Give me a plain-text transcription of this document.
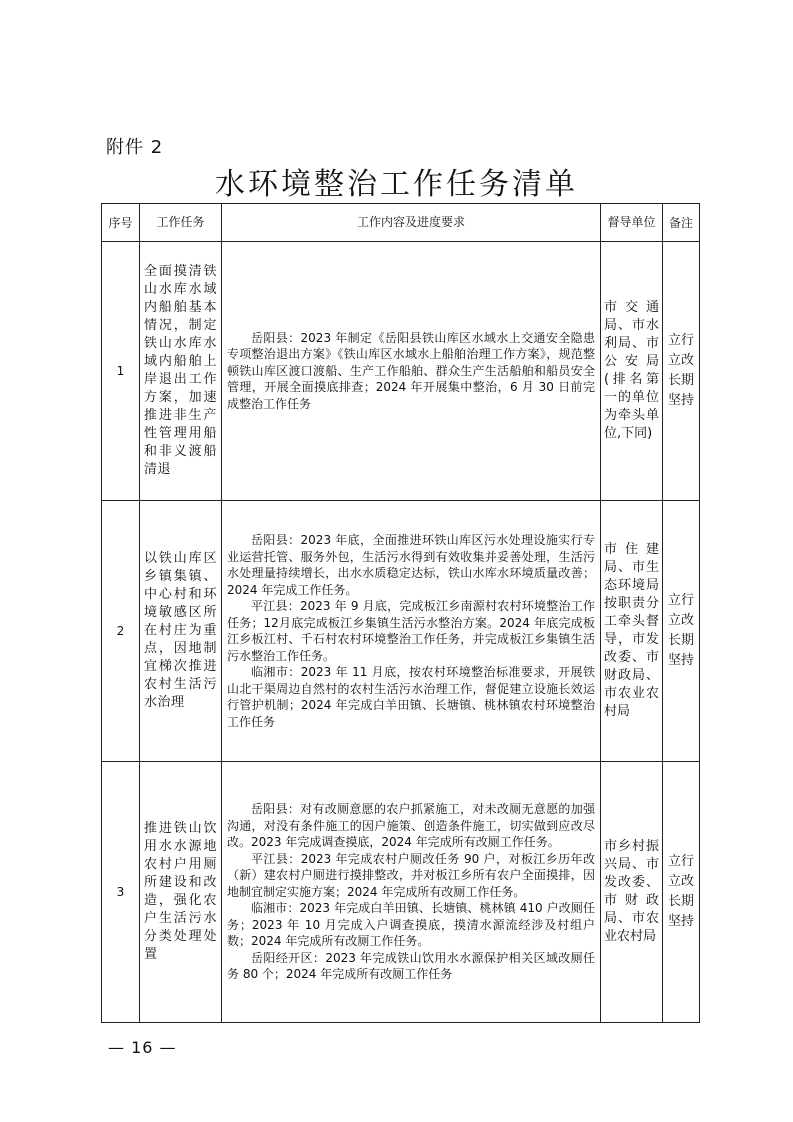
附件 2
水环境整治工作任务清单
序号	工作任务	工作内容及进度要求	督导单位	备注
1	全面摸清铁山水库水域内船舶基本情况，制定铁山水库水域内船舶上岸退出工作方案，加速推进非生产性管理用船和非义渡船清退	岳阳县：2023 年制定《岳阳县铁山库区水域水上交通安全隐患专项整治退出方案》《铁山库区水域水上船舶治理工作方案》，规范整顿铁山库区渡口渡船、生产工作船舶、群众生产生活船舶和船员安全管理，开展全面摸底排查；2024 年开展集中整治，6 月 30 日前完成整治工作任务	市交通局、市水利局、市公安局(排名第一的单位为牵头单位,下同)	立行立改长期坚持
2	以铁山库区乡镇集镇、中心村和环境敏感区所在村庄为重点，因地制宜梯次推进农村生活污水治理	岳阳县：2023 年底，全面推进环铁山库区污水处理设施实行专业运营托管、服务外包，生活污水得到有效收集并妥善处理，生活污水处理量持续增长，出水水质稳定达标，铁山水库水环境质量改善；2024 年完成工作任务。

平江县：2023 年 9 月底，完成板江乡南源村农村环境整治工作任务；12月底完成板江乡集镇生活污水整治方案。2024 年底完成板江乡板江村、千石村农村环境整治工作任务，并完成板江乡集镇生活污水整治工作任务。

临湘市：2023 年 11 月底，按农村环境整治标准要求，开展铁山北干渠周边自然村的农村生活污水治理工作，督促建立设施长效运行管护机制；2024 年完成白羊田镇、长塘镇、桃林镇农村环境整治工作任务	市住建局、市生态环境局按职责分工牵头督导，市发改委、市财政局、市农业农村局	立行立改长期坚持
3	推进铁山饮用水水源地农村户用厕所建设和改造，强化农户生活污水分类处理处置	岳阳县：对有改厕意愿的农户抓紧施工，对未改厕无意愿的加强沟通，对没有条件施工的因户施策、创造条件施工，切实做到应改尽改。2023 年完成调查摸底，2024 年完成所有改厕工作任务。

平江县：2023 年完成农村户厕改任务 90 户，对板江乡历年改（新）建农村户厕进行摸排整改，并对板江乡所有农户全面摸排，因地制宜制定实施方案；2024 年完成所有改厕工作任务。

临湘市：2023 年完成白羊田镇、长塘镇、桃林镇 410 户改厕任务；2023 年 10 月完成入户调查摸底，摸清水源流经涉及村组户数；2024 年完成所有改厕工作任务。

岳阳经开区：2023 年完成铁山饮用水水源保护相关区域改厕任务 80 个；2024 年完成所有改厕工作任务	市乡村振兴局、市发改委、市财政局、市农业农村局	立行立改长期坚持
— 16 —
